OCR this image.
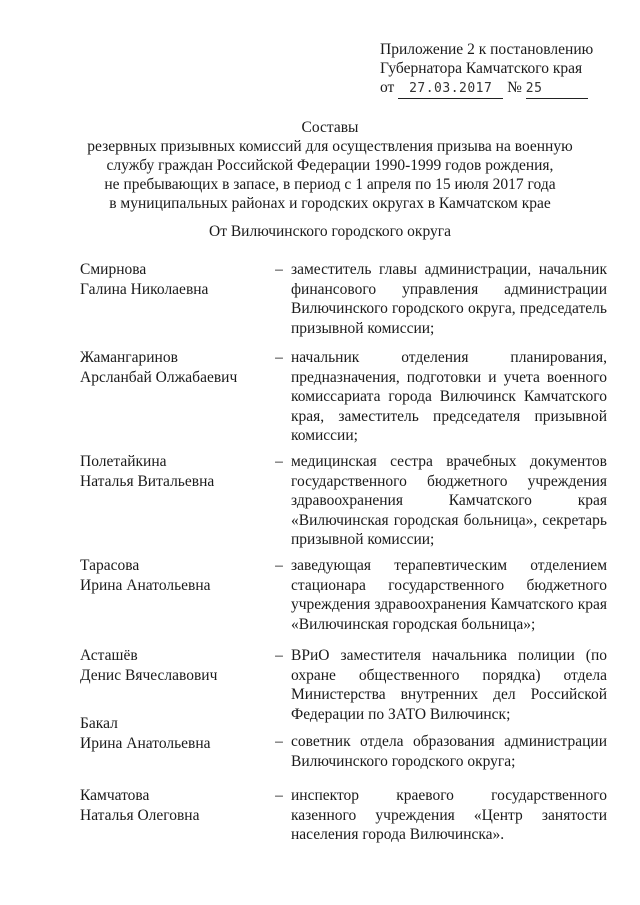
Приложение 2 к постановлению
Губернатора Камчатского края
от 27.03.2017 № 25
Составы
резервных призывных комиссий для осуществления призыва на военную
службу граждан Российской Федерации 1990-1999 годов рождения,
не пребывающих в запасе, в период с 1 апреля по 15 июля 2017 года
в муниципальных районах и городских округах в Камчатском крае
От Вилючинского городского округа
Смирнова
Галина Николаевна
– заместитель главы администрации, начальник финансового управления администрации Вилючинского городского округа, председатель призывной комиссии;
Жамангаринов
Арсланбай Олжабаевич
– начальник отделения планирования, предназначения, подготовки и учета военного комиссариата города Вилючинск Камчатского края, заместитель председателя призывной комиссии;
Полетайкина
Наталья Витальевна
– медицинская сестра врачебных документов государственного бюджетного учреждения здравоохранения Камчатского края «Вилючинская городская больница», секретарь призывной комиссии;
Тарасова
Ирина Анатольевна
– заведующая терапевтическим отделением стационара государственного бюджетного учреждения здравоохранения Камчатского края «Вилючинская городская больница»;
Асташёв
Денис Вячеславович
– ВРиО заместителя начальника полиции (по охране общественного порядка) отдела Министерства внутренних дел Российской Федерации по ЗАТО Вилючинск;
Бакал
Ирина Анатольевна	– советник отдела образования администрации Вилючинского городского округа;
Камчатова
Наталья Олеговна
– инспектор краевого государственного казенного учреждения «Центр занятости населения города Вилючинска».
